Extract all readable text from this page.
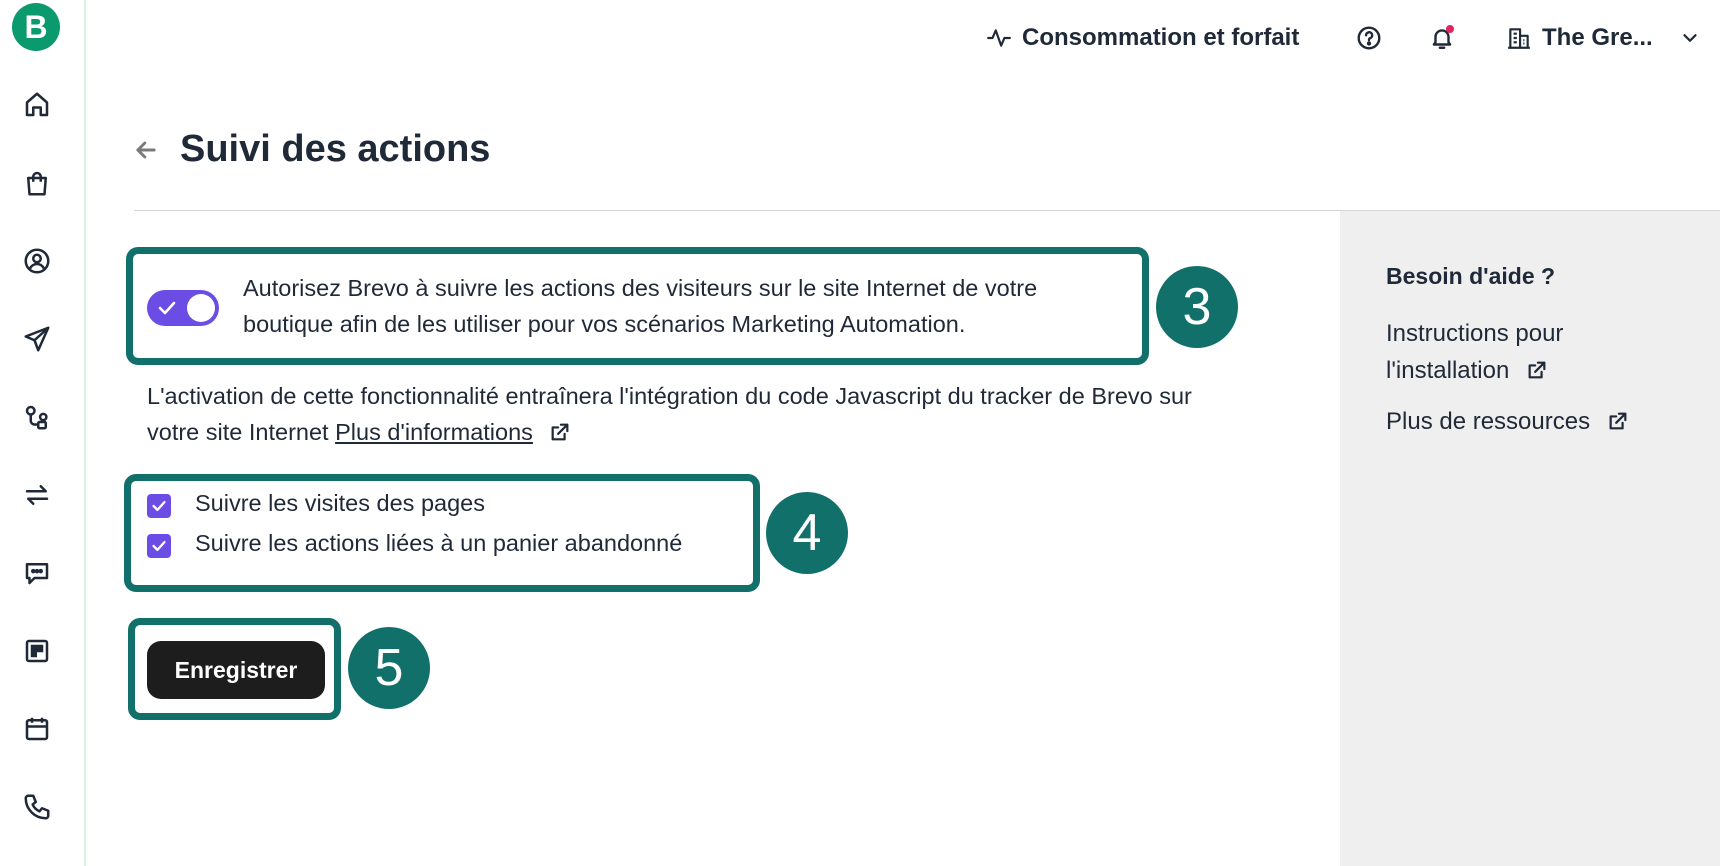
B	Consommation et forfait	The Gre...
Suivi des actions
Autorisez Brevo à suivre les actions des visiteurs sur le site Internet de votre boutique afin de les utiliser pour vos scénarios Marketing Automation.	3
L'activation de cette fonctionnalité entraînera l'intégration du code Javascript du tracker de Brevo sur votre site Internet Plus d'informations
Suivre les visites des pages
Suivre les actions liées à un panier abandonné	4
Enregistrer	5
Besoin d'aide ?
Instructions pour
l'installation
Plus de ressources
